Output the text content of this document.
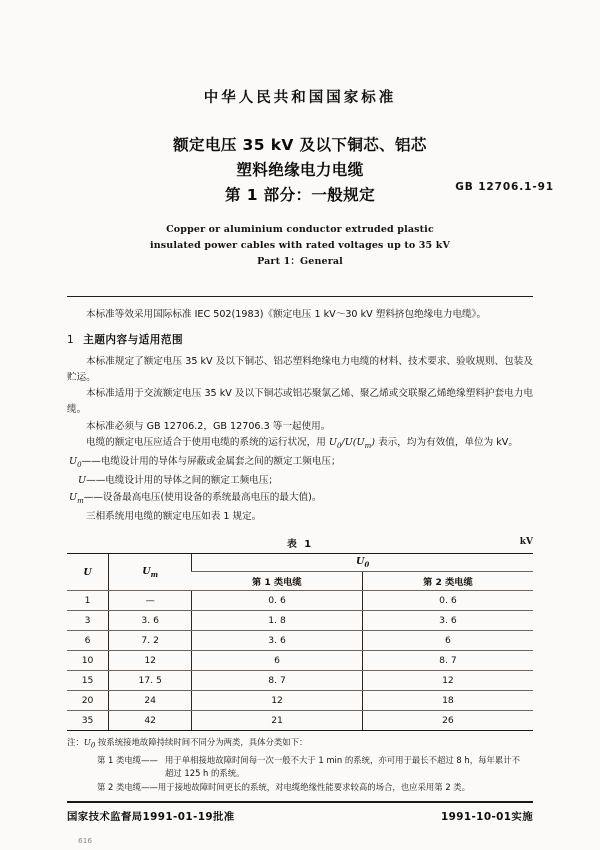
中华人民共和国国家标准
额定电压 35 kV 及以下铜芯、铝芯
塑料绝缘电力电缆
第 1 部分：一般规定	GB 12706.1-91
Copper or aluminium conductor extruded plastic
insulated power cables with rated voltages up to 35 kV
Part 1：General
本标准等效采用国际标准 IEC 502(1983)《额定电压 1 kV～30 kV 塑料挤包绝缘电力电缆》。
1 主题内容与适用范围
本标准规定了额定电压 35 kV 及以下铜芯、铝芯塑料绝缘电力电缆的材料、技术要求、验收规则、包装及贮运。
本标准适用于交流额定电压 35 kV 及以下铜芯或铝芯聚氯乙烯、聚乙烯或交联聚乙烯绝缘塑料护套电力电缆。
本标准必须与 GB 12706.2，GB 12706.3 等一起使用。
电缆的额定电压应适合于使用电缆的系统的运行状况，用 $U_0/U(U_m)$ 表示，均为有效值，单位为 kV。
$U_0——$电缆设计用的导体与屏蔽或金属套之间的额定工频电压；
U——电缆设计用的导体之间的额定工频电压；
$U_m——$设备最高电压(使用设备的系统最高电压的最大值)。
三相系统用电缆的额定电压如表 1 规定。
表 1	kV
U	$U_m$	$U_0$
		第 1 类电缆	第 2 类电缆
1	—	0. 6	0. 6
3	3. 6	1. 8	3. 6
6	7. 2	3. 6	6
10	12	6	8. 7
15	17. 5	8. 7	12
20	24	12	18
35	42	21	26
注：$U_0$ 按系统接地故障持续时间不同分为两类，具体分类如下：
第 1 类电缆—— 用于单相接地故障时间每一次一般不大于 1 min 的系统，亦可用于最长不超过 8 h，每年累计不
超过 125 h 的系统。
第 2 类电缆——用于接地故障时间更长的系统，对电缆绝缘性能要求较高的场合，也应采用第 2 类。
国家技术监督局1991-01-19批准	1991-10-01实施
616
